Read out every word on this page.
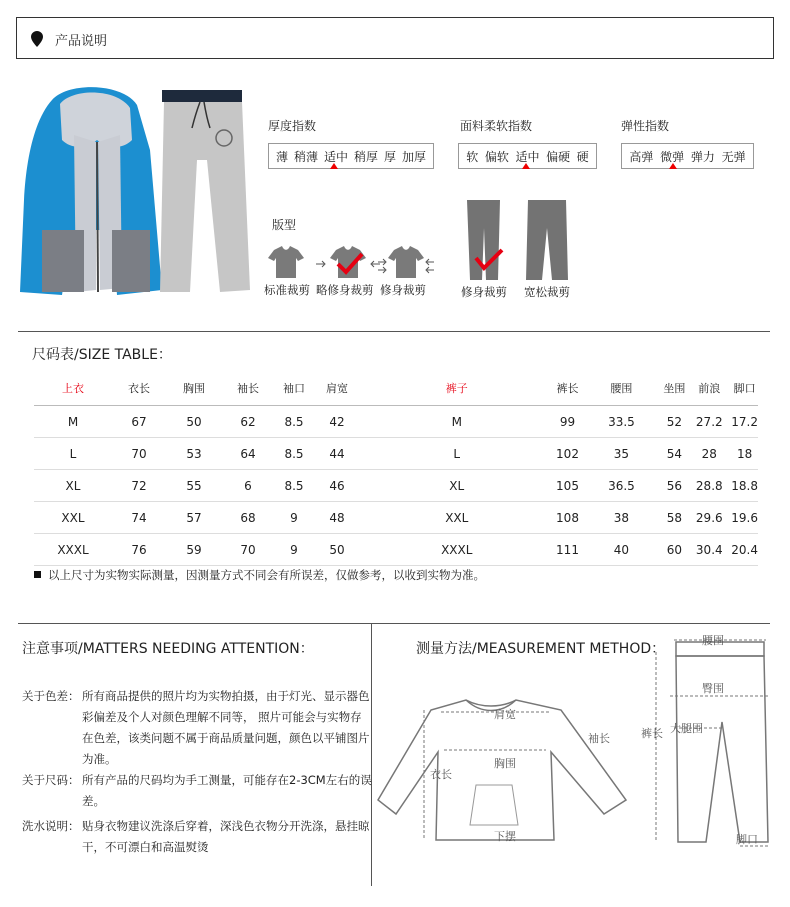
产品说明
厚度指数
薄 稍薄 适中 稍厚 厚 加厚
面料柔软指数
软 偏软 适中 偏硬 硬
弹性指数
高弹 微弹 弹力 无弹
版型
标准裁剪 略修身裁剪 修身裁剪	修身裁剪 宽松裁剪
尺码表/SIZE TABLE：
上衣	衣长	胸围	袖长	袖口	肩宽
M	67	50	62	8.5	42
L	70	53	64	8.5	44
XL	72	55	6	8.5	46
XXL	74	57	68	9	48
XXXL	76	59	70	9	50
裤子	裤长	腰围	坐围	前浪	脚口
M	99	33.5	52	27.2	17.2
L	102	35	54	28	18
XL	105	36.5	56	28.8	18.8
XXL	108	38	58	29.6	19.6
XXXL	111	40	60	30.4	20.4
以上尺寸为实物实际测量，因测量方式不同会有所误差，仅做参考，以收到实物为准。
注意事项/MATTERS NEEDING ATTENTION：
关于色差： 所有商品提供的照片均为实物拍摄，由于灯光、显示器色彩偏差及个人对颜色理解不同等， 照片可能会与实物存在色差，该类问题不属于商品质量问题，颜色以平铺图片为准。
关于尺码： 所有产品的尺码均为手工测量，可能存在2-3CM左右的误差。
洗水说明： 贴身衣物建议洗涤后穿着，深浅色衣物分开洗涤，悬挂晾干，不可漂白和高温熨烫
测量方法/MEASUREMENT METHOD：
肩宽
袖长
衣长
胸围
下摆
腰围
臀围
裤长 大腿围
脚口
